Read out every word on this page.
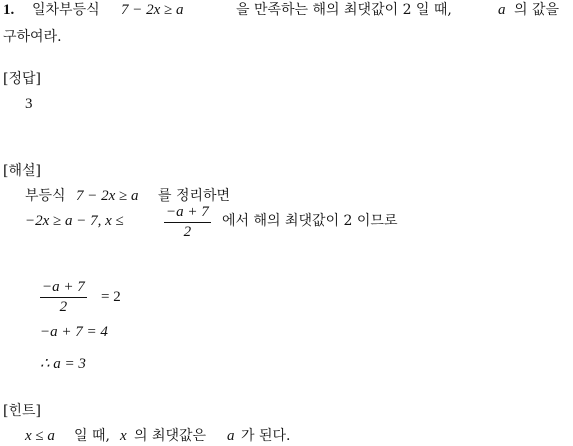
1. 일차부등식 7 − 2x ≥ a	을 만족하는 해의 최댓값이 2 일 때,	a 의 값을
구하여라.
[정답]
3
[해설]
부등식 7 − 2x ≥ a 를 정리하면
−2x ≥ a − 7, x ≤
−a + 7
2
에서 해의 최댓값이 2 이므로
−a + 7
2
= 2
−a + 7 = 4
∴ a = 3
[힌트]
x ≤ a 일 때, x 의 최댓값은 a 가 된다.
